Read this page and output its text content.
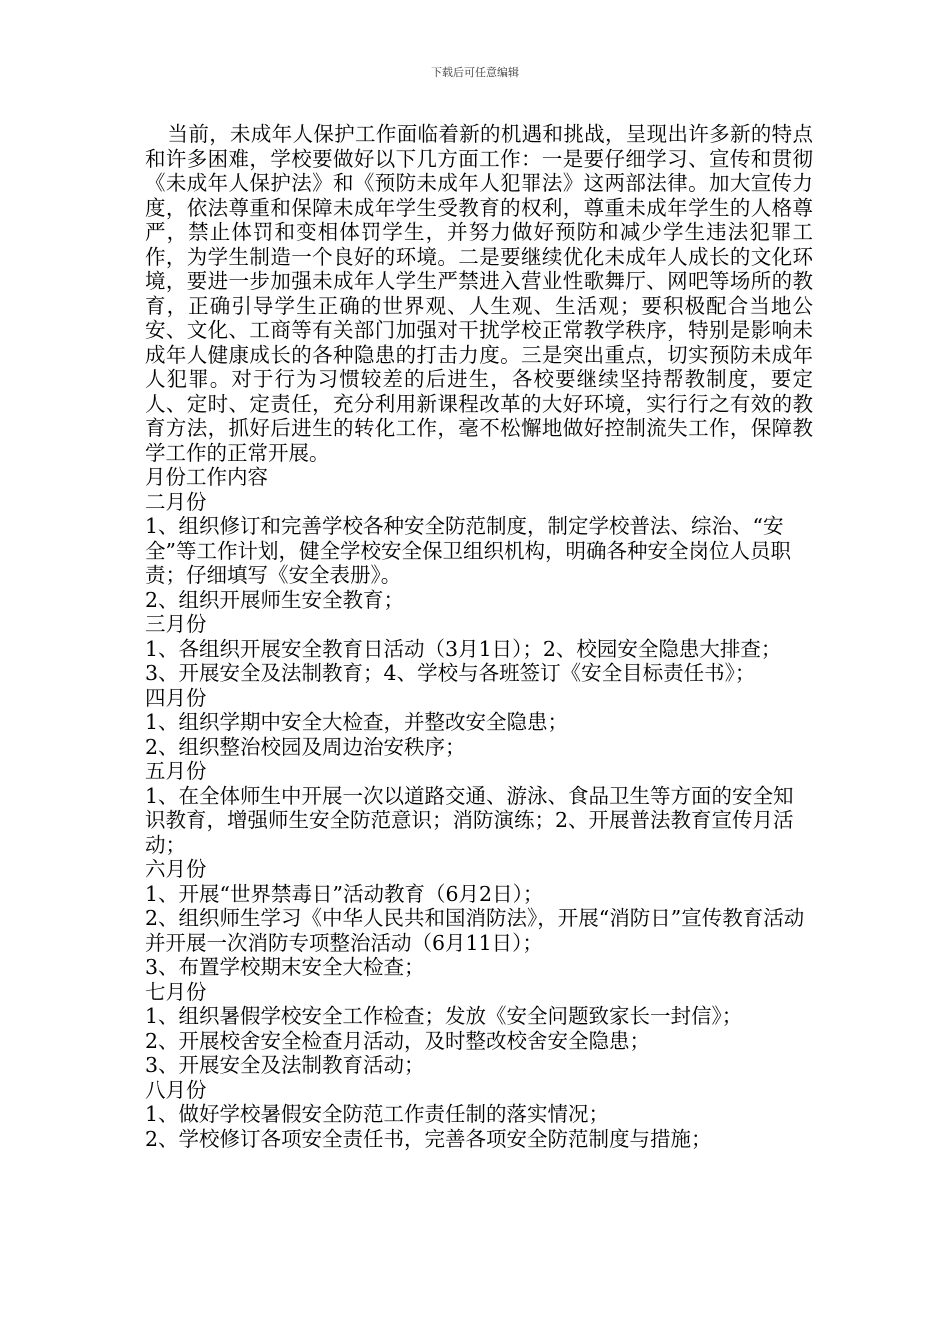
下载后可任意编辑

当前，未成年人保护工作面临着新的机遇和挑战，呈现出许多新的特点和许多困难，学校要做好以下几方面工作：一是要仔细学习、宣传和贯彻《未成年人保护法》和《预防未成年人犯罪法》这两部法律。加大宣传力度，依法尊重和保障未成年学生受教育的权利，尊重未成年学生的人格尊严，禁止体罚和变相体罚学生，并努力做好预防和减少学生违法犯罪工作，为学生制造一个良好的环境。二是要继续优化未成年人成长的文化环境，要进一步加强未成年人学生严禁进入营业性歌舞厅、网吧等场所的教育，正确引导学生正确的世界观、人生观、生活观；要积极配合当地公安、文化、工商等有关部门加强对干扰学校正常教学秩序，特别是影响未成年人健康成长的各种隐患的打击力度。三是突出重点，切实预防未成年人犯罪。对于行为习惯较差的后进生，各校要继续坚持帮教制度，要定人、定时、定责任，充分利用新课程改革的大好环境，实行行之有效的教育方法，抓好后进生的转化工作，毫不松懈地做好控制流失工作，保障教学工作的正常开展。

月份工作内容

二月份

1、组织修订和完善学校各种安全防范制度，制定学校普法、综治、“安全”等工作计划，健全学校安全保卫组织机构，明确各种安全岗位人员职责；仔细填写《安全表册》。

2、组织开展师生安全教育；

三月份

1、各组织开展安全教育日活动（3月1日）；2、校园安全隐患大排查；

3、开展安全及法制教育；4、学校与各班签订《安全目标责任书》；

四月份

1、组织学期中安全大检查，并整改安全隐患；

2、组织整治校园及周边治安秩序；

五月份

1、在全体师生中开展一次以道路交通、游泳、食品卫生等方面的安全知识教育，增强师生安全防范意识；消防演练；2、开展普法教育宣传月活动；

六月份

1、开展“世界禁毒日”活动教育（6月2日）；

2、组织师生学习《中华人民共和国消防法》，开展“消防日”宣传教育活动并开展一次消防专项整治活动（6月11日）；

3、布置学校期末安全大检查；

七月份

1、组织暑假学校安全工作检查；发放《安全问题致家长一封信》；

2、开展校舍安全检查月活动，及时整改校舍安全隐患；

3、开展安全及法制教育活动；

八月份

1、做好学校暑假安全防范工作责任制的落实情况；

2、学校修订各项安全责任书，完善各项安全防范制度与措施；
